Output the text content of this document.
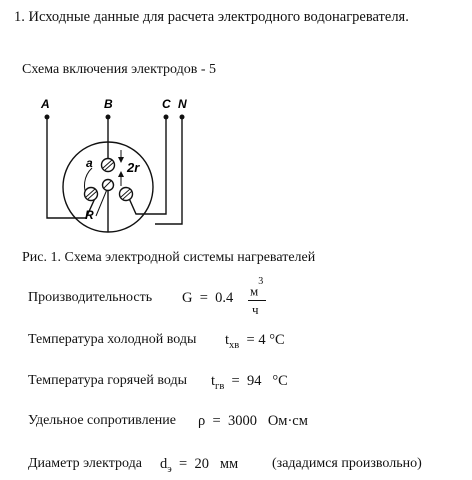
1. Исходные данные для расчета электродного водонагревателя.
Схема включения электродов - 5
A	B	C N
a	2r
R
Рис. 1. Схема электродной системы нагревателей
Производительность G = 0.4 $м^3$
ч
Температура холодной воды $t_{хв} = 4$ °C
Температура горячей воды $t_{гв} = 94$ °C
Удельное сопротивление ρ = 3000 Ом·см
Диаметр электрода $d_э = 20$ мм (зададимся произвольно)
